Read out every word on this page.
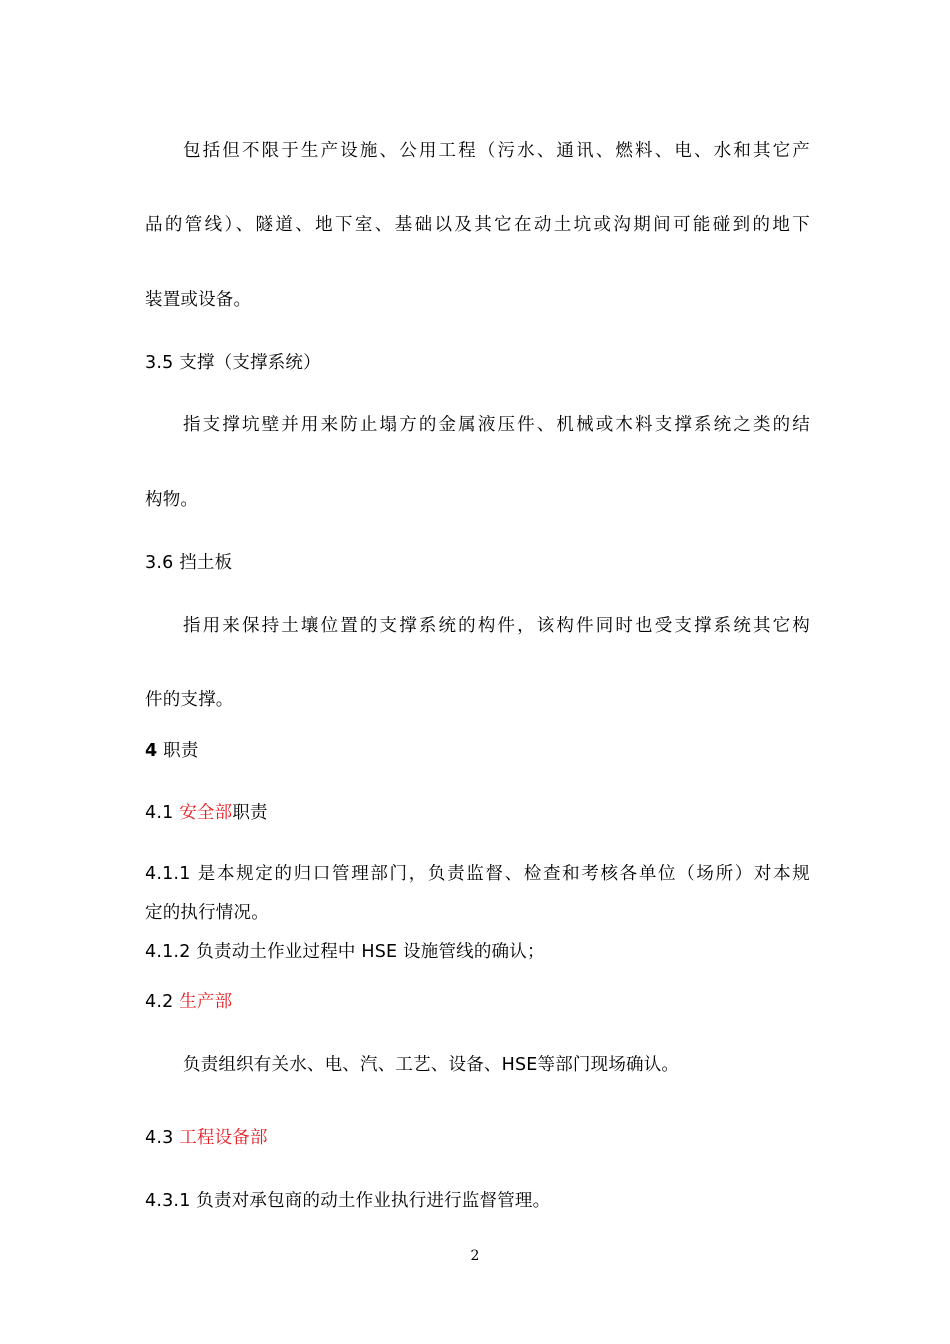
包括但不限于生产设施、公用工程（污水、通讯、燃料、电、水和其它产
品的管线）、隧道、地下室、基础以及其它在动土坑或沟期间可能碰到的地下
装置或设备。
3.5 支撑（支撑系统）
指支撑坑壁并用来防止塌方的金属液压件、机械或木料支撑系统之类的结
构物。
3.6 挡土板
指用来保持土壤位置的支撑系统的构件，该构件同时也受支撑系统其它构
件的支撑。
4 职责
4.1 安全部职责
4.1.1 是本规定的归口管理部门，负责监督、检查和考核各单位（场所）对本规
定的执行情况。
4.1.2 负责动土作业过程中 HSE 设施管线的确认；
4.2 生产部
负责组织有关水、电、汽、工艺、设备、HSE等部门现场确认。
4.3 工程设备部
4.3.1 负责对承包商的动土作业执行进行监督管理。
2
